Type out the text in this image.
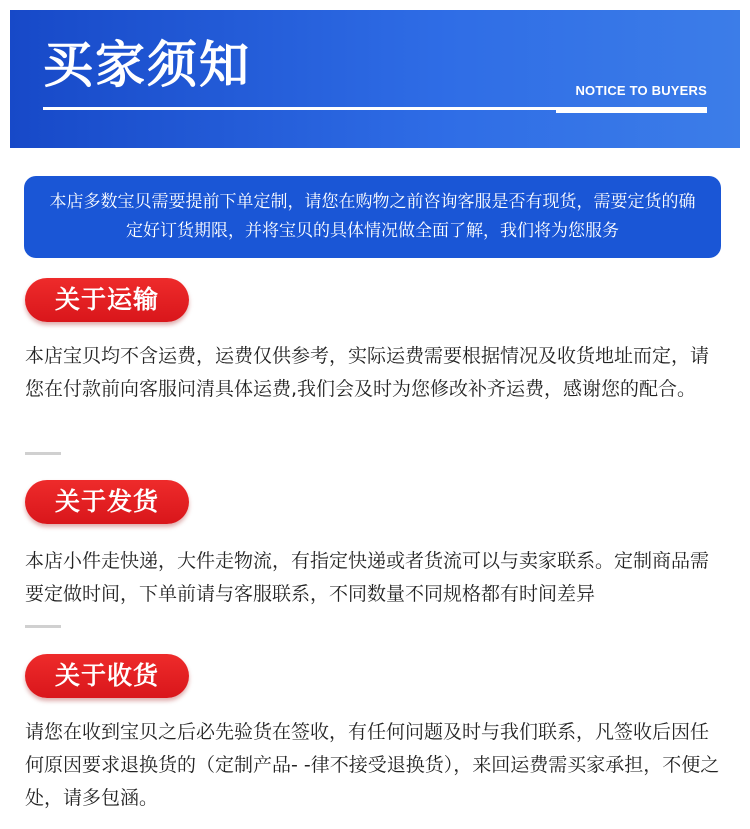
买家须知	NOTICE TO BUYERS

本店多数宝贝需要提前下单定制，请您在购物之前咨询客服是否有现货，需要定货的确定好订货期限，并将宝贝的具体情况做全面了解，我们将为您服务

关于运输

本店宝贝均不含运费，运费仅供参考，实际运费需要根据情况及收货地址而定，请您在付款前向客服问清具体运费,我们会及时为您修改补齐运费，感谢您的配合。

关于发货

本店小件走快递，大件走物流，有指定快递或者货流可以与卖家联系。定制商品需要定做时间，下单前请与客服联系，不同数量不同规格都有时间差异

关于收货

请您在收到宝贝之后必先验货在签收，有任何问题及时与我们联系，凡签收后因任何原因要求退换货的（定制产品- -律不接受退换货），来回运费需买家承担，不便之处，请多包涵。
